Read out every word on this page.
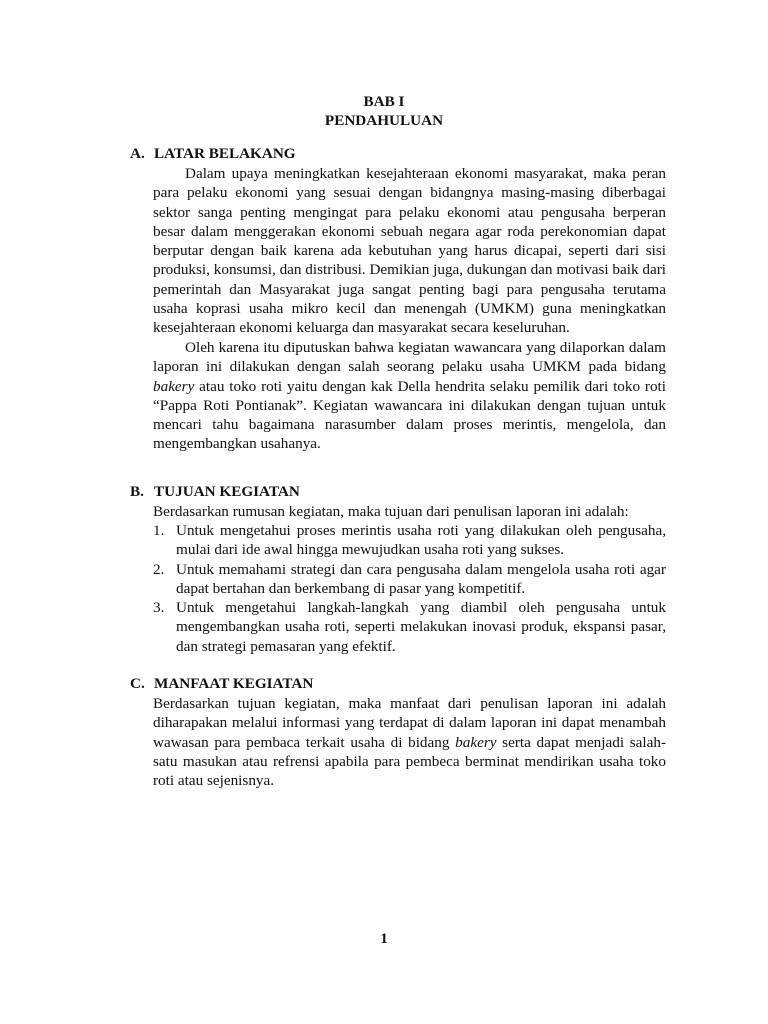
BAB I
PENDAHULUAN
A. LATAR BELAKANG

Dalam upaya meningkatkan kesejahteraan ekonomi masyarakat, maka peran para pelaku ekonomi yang sesuai dengan bidangnya masing-masing diberbagai sektor sanga penting mengingat para pelaku ekonomi atau pengusaha berperan besar dalam menggerakan ekonomi sebuah negara agar roda perekonomian dapat berputar dengan baik karena ada kebutuhan yang harus dicapai, seperti dari sisi produksi, konsumsi, dan distribusi. Demikian juga, dukungan dan motivasi baik dari pemerintah dan Masyarakat juga sangat penting bagi para pengusaha terutama usaha koprasi usaha mikro kecil dan menengah (UMKM) guna meningkatkan kesejahteraan ekonomi keluarga dan masyarakat secara keseluruhan.

Oleh karena itu diputuskan bahwa kegiatan wawancara yang dilaporkan dalam laporan ini dilakukan dengan salah seorang pelaku usaha UMKM pada bidang bakery atau toko roti yaitu dengan kak Della hendrita selaku pemilik dari toko roti “Pappa Roti Pontianak”. Kegiatan wawancara ini dilakukan dengan tujuan untuk mencari tahu bagaimana narasumber dalam proses merintis, mengelola, dan mengembangkan usahanya.

B. TUJUAN KEGIATAN

Berdasarkan rumusan kegiatan, maka tujuan dari penulisan laporan ini adalah:

1. Untuk mengetahui proses merintis usaha roti yang dilakukan oleh pengusaha, mulai dari ide awal hingga mewujudkan usaha roti yang sukses.
2. Untuk memahami strategi dan cara pengusaha dalam mengelola usaha roti agar dapat bertahan dan berkembang di pasar yang kompetitif.
3. Untuk mengetahui langkah-langkah yang diambil oleh pengusaha untuk mengembangkan usaha roti, seperti melakukan inovasi produk, ekspansi pasar, dan strategi pemasaran yang efektif.
C. MANFAAT KEGIATAN

Berdasarkan tujuan kegiatan, maka manfaat dari penulisan laporan ini adalah diharapakan melalui informasi yang terdapat di dalam laporan ini dapat menambah wawasan para pembaca terkait usaha di bidang bakery serta dapat menjadi salah-satu masukan atau refrensi apabila para pembeca berminat mendirikan usaha toko roti atau sejenisnya.

1
